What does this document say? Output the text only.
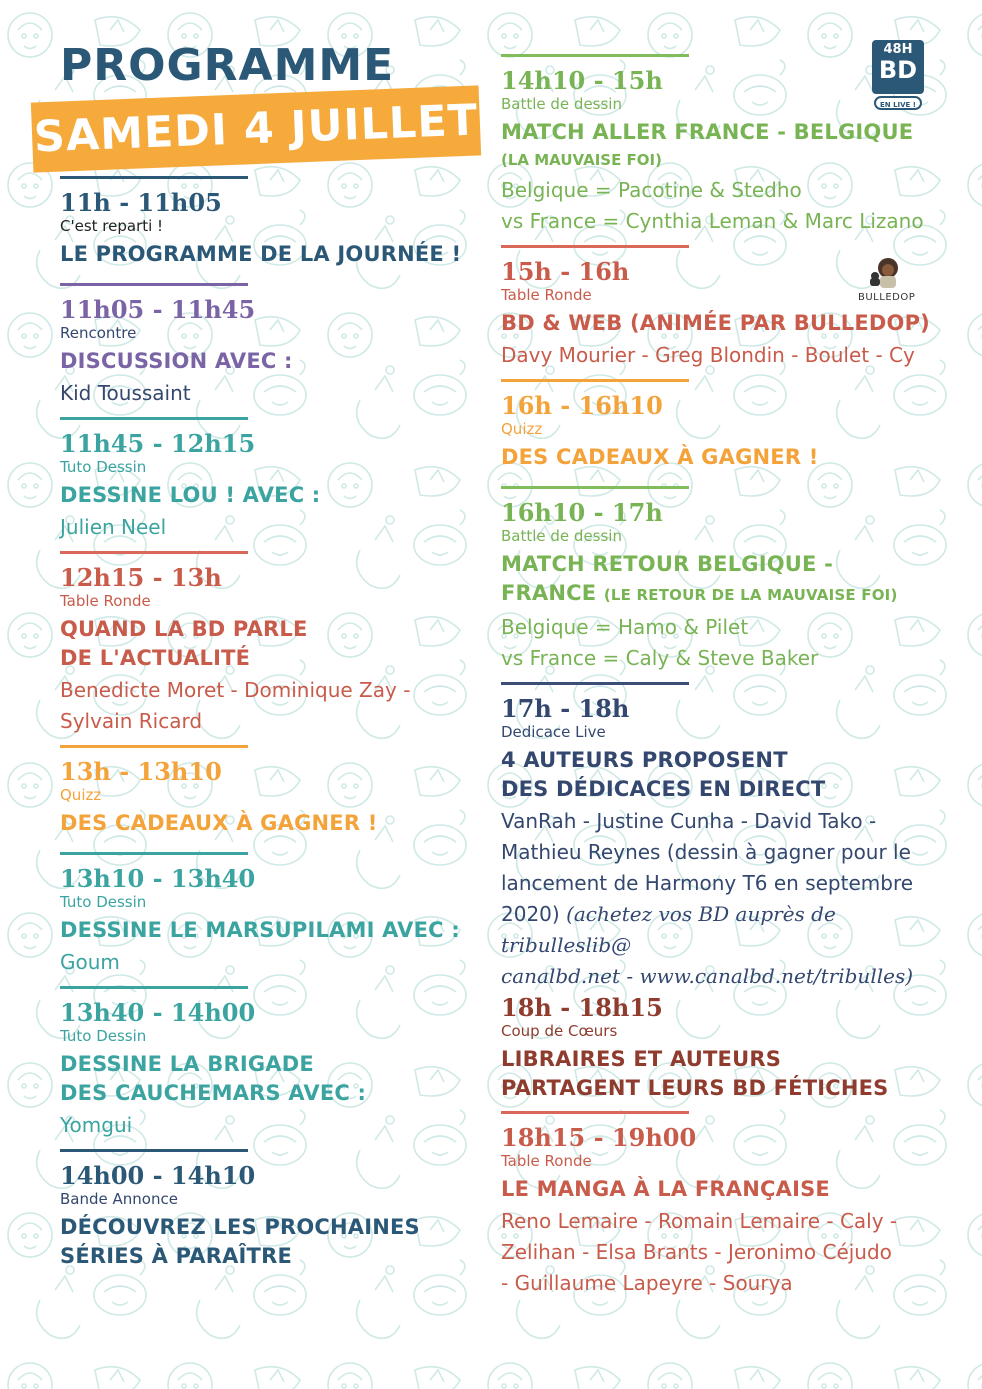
PROGRAMME
SAMEDI 4 JUILLET
48H
BD
EN LIVE !
BULLEDOP

11h - 11h05

C'est reparti !

LE PROGRAMME DE LA JOURNÉE !

11h05 - 11h45

Rencontre

DISCUSSION AVEC :

Kid Toussaint

11h45 - 12h15

Tuto Dessin

DESSINE LOU ! AVEC :

Julien Neel

12h15 - 13h

Table Ronde

QUAND LA BD PARLE
DE L'ACTUALITÉ

Benedicte Moret - Dominique Zay -
Sylvain Ricard

13h - 13h10

Quizz

DES CADEAUX À GAGNER !

13h10 - 13h40

Tuto Dessin

DESSINE LE MARSUPILAMI AVEC :

Goum

13h40 - 14h00

Tuto Dessin

DESSINE LA BRIGADE
DES CAUCHEMARS AVEC :

Yomgui

14h00 - 14h10

Bande Annonce

DÉCOUVREZ LES PROCHAINES
SÉRIES À PARAÎTRE

14h10 - 15h

Battle de dessin

MATCH ALLER FRANCE - BELGIQUE

(LA MAUVAISE FOI)

Belgique = Pacotine & Stedho
vs France = Cynthia Leman & Marc Lizano

15h - 16h

Table Ronde

BD & WEB (ANIMÉE PAR BULLEDOP)

Davy Mourier - Greg Blondin - Boulet - Cy

16h - 16h10

Quizz

DES CADEAUX À GAGNER !

16h10 - 17h

Battle de dessin

MATCH RETOUR BELGIQUE -
FRANCE (LE RETOUR DE LA MAUVAISE FOI)

Belgique = Hamo & Pilet
vs France = Caly & Steve Baker

17h - 18h

Dedicace Live

4 AUTEURS PROPOSENT
DES DÉDICACES EN DIRECT

VanRah - Justine Cunha - David Tako -
Mathieu Reynes (dessin à gagner pour le
lancement de Harmony T6 en septembre
2020) (achetez vos BD auprès de tribulleslib@
canalbd.net - www.canalbd.net/tribulles)

18h - 18h15

Coup de Cœurs

LIBRAIRES ET AUTEURS
PARTAGENT LEURS BD FÉTICHES

18h15 - 19h00

Table Ronde

LE MANGA À LA FRANÇAISE

Reno Lemaire - Romain Lemaire - Caly -
Zelihan - Elsa Brants - Jeronimo Céjudo
- Guillaume Lapeyre - Sourya
